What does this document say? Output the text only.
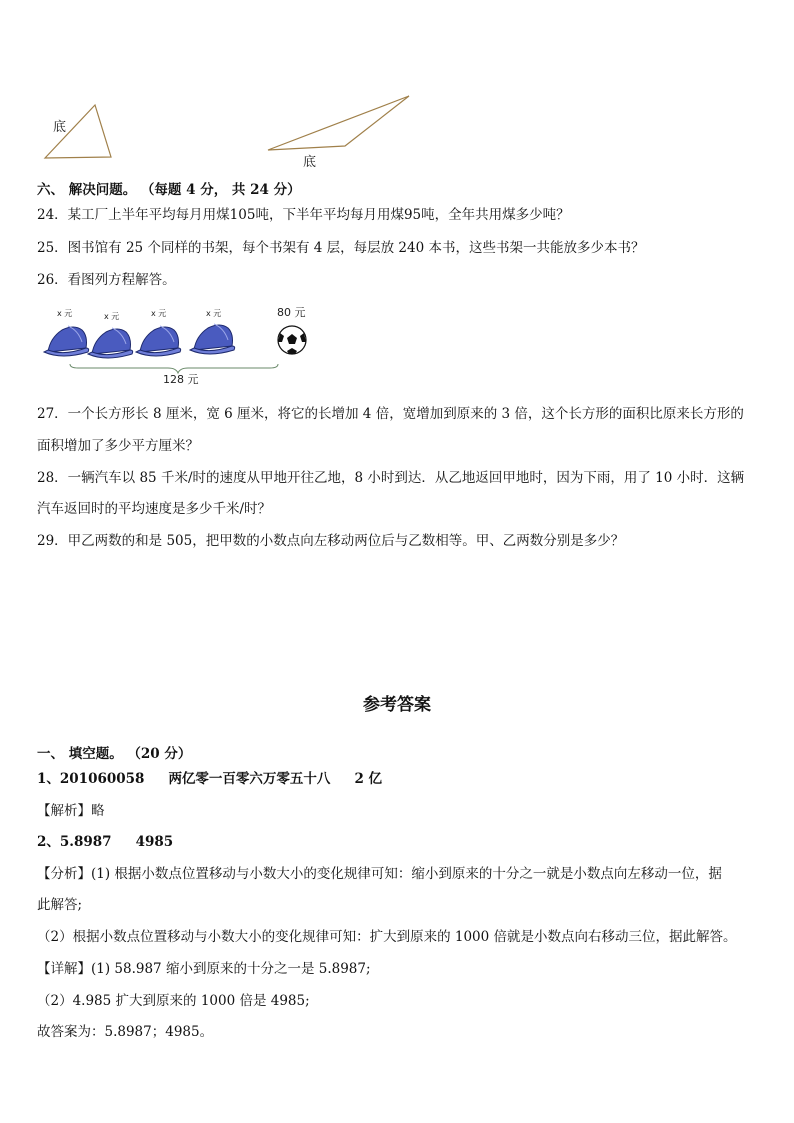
底
底
六、 解决问题。 （每题 4 分， 共 24 分）
24．某工厂上半年平均每月用煤105吨，下半年平均每月用煤95吨，全年共用煤多少吨？
25．图书馆有 25 个同样的书架，每个书架有 4 层，每层放 240 本书，这些书架一共能放多少本书？
26．看图列方程解答。
x 元	x 元	x 元	x 元	80 元
128 元
27．一个长方形长 8 厘米，宽 6 厘米，将它的长增加 4 倍，宽增加到原来的 3 倍，这个长方形的面积比原来长方形的
面积增加了多少平方厘米？
28．一辆汽车以 85 千米/时的速度从甲地开往乙地，8 小时到达．从乙地返回甲地时，因为下雨，用了 10 小时．这辆
汽车返回时的平均速度是多少千米/时？
29．甲乙两数的和是 505，把甲数的小数点向左移动两位后与乙数相等。甲、乙两数分别是多少？
参考答案
一、 填空题。 （20 分）
1、201060058 两亿零一百零六万零五十八 2 亿
【解析】略
2、5.8987 4985
【分析】(1) 根据小数点位置移动与小数大小的变化规律可知：缩小到原来的十分之一就是小数点向左移动一位，据
此解答;
（2）根据小数点位置移动与小数大小的变化规律可知：扩大到原来的 1000 倍就是小数点向右移动三位，据此解答。
【详解】(1) 58.987 缩小到原来的十分之一是 5.8987;
（2）4.985 扩大到原来的 1000 倍是 4985;
故答案为：5.8987；4985。
